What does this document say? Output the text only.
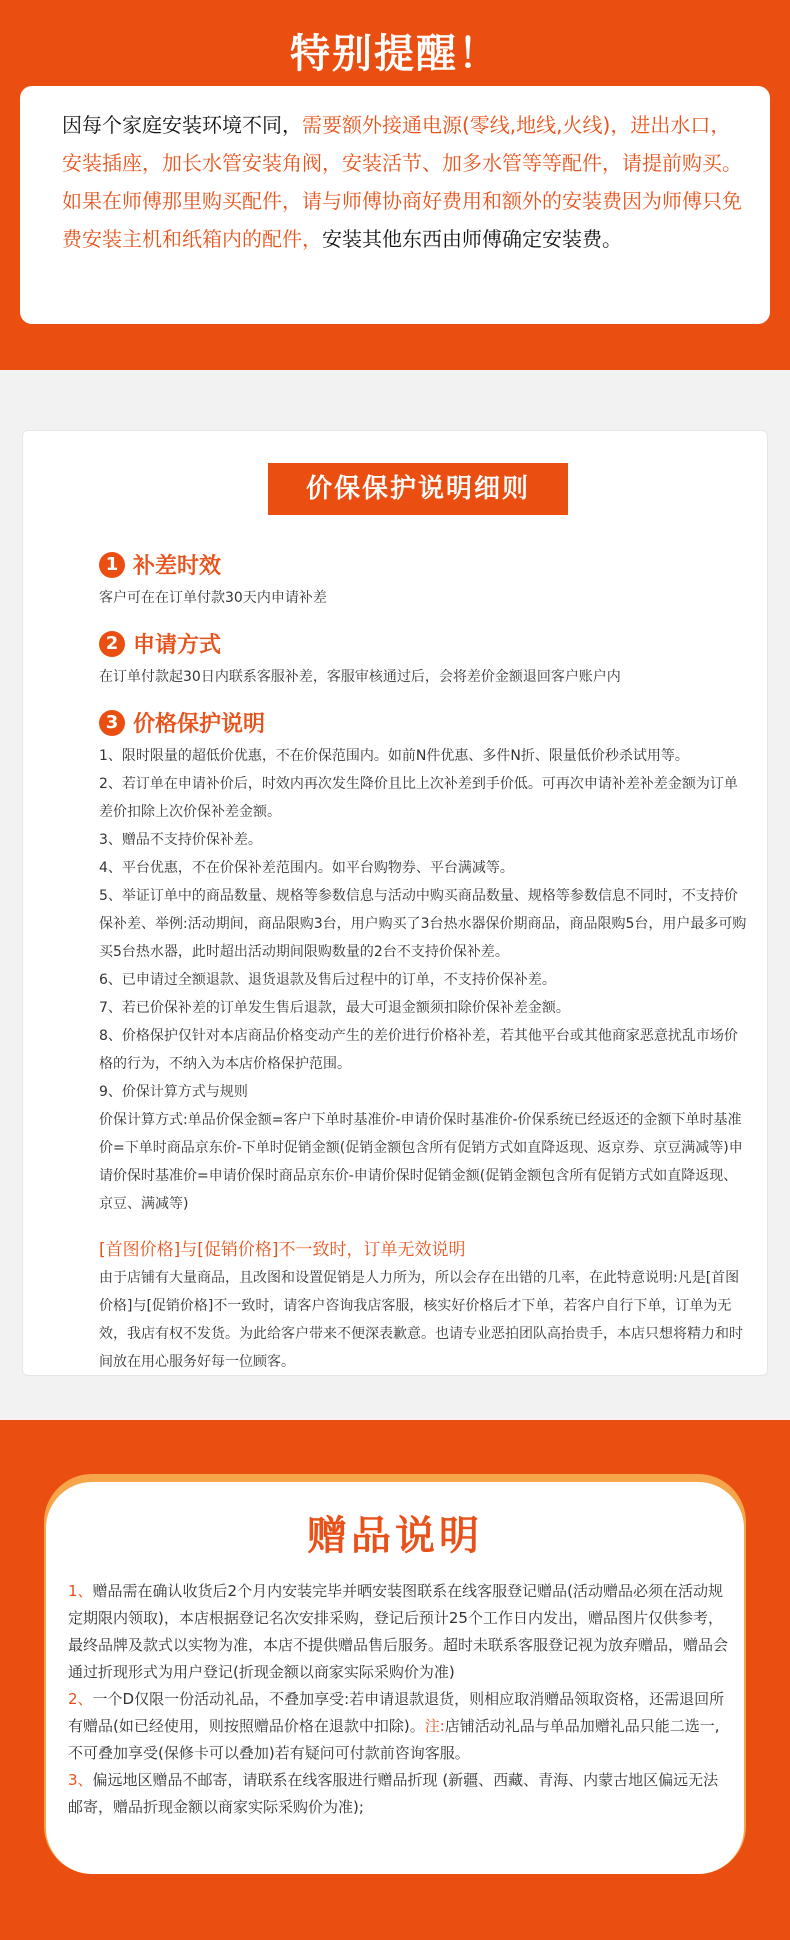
特别提醒！
因每个家庭安装环境不同，需要额外接通电源(零线,地线,火线)，进出水口，安装插座，加长水管安装角阀，安装活节、加多水管等等配件，请提前购买。如果在师傅那里购买配件，请与师傅协商好费用和额外的安装费因为师傅只免费安装主机和纸箱内的配件，安装其他东西由师傅确定安装费。
价保保护说明细则
1 补差时效
客户可在在订单付款30天内申请补差
2 申请方式
在订单付款起30日内联系客服补差，客服审核通过后，会将差价金额退回客户账户内
3 价格保护说明
1、限时限量的超低价优惠，不在价保范围内。如前N件优惠、多件N折、限量低价秒杀试用等。
2、若订单在申请补价后，时效内再次发生降价且比上次补差到手价低。可再次申请补差补差金额为订单差价扣除上次价保补差金额。
3、赠品不支持价保补差。
4、平台优惠，不在价保补差范围内。如平台购物券、平台满减等。
5、举证订单中的商品数量、规格等参数信息与活动中购买商品数量、规格等参数信息不同时，不支持价保补差、举例:活动期间，商品限购3台，用户购买了3台热水器保价期商品，商品限购5台，用户最多可购买5台热水器，此时超出活动期间限购数量的2台不支持价保补差。
6、已申请过全额退款、退货退款及售后过程中的订单，不支持价保补差。
7、若已价保补差的订单发生售后退款，最大可退金额须扣除价保补差金额。
8、价格保护仅针对本店商品价格变动产生的差价进行价格补差，若其他平台或其他商家恶意扰乱市场价格的行为，不纳入为本店价格保护范围。
9、价保计算方式与规则
价保计算方式:单品价保金额=客户下单时基准价-申请价保时基准价-价保系统已经返还的金额下单时基准价=下单时商品京东价-下单时促销金额(促销金额包含所有促销方式如直降返现、返京券、京豆满减等)申请价保时基准价=申请价保时商品京东价-申请价保时促销金额(促销金额包含所有促销方式如直降返现、京豆、满减等)
[首图价格]与[促销价格]不一致时，订单无效说明
由于店铺有大量商品，且改图和设置促销是人力所为，所以会存在出错的几率，在此特意说明:凡是[首图价格]与[促销价格]不一致时，请客户咨询我店客服，核实好价格后才下单，若客户自行下单，订单为无效，我店有权不发货。为此给客户带来不便深表歉意。也请专业恶拍团队高抬贵手，本店只想将精力和时间放在用心服务好每一位顾客。
赠品说明
1、赠品需在确认收货后2个月内安装完毕并晒安装图联系在线客服登记赠品(活动赠品必须在活动规定期限内领取)，本店根据登记名次安排采购，登记后预计25个工作日内发出，赠品图片仅供参考，最终品牌及款式以实物为准，本店不提供赠品售后服务。超时未联系客服登记视为放弃赠品，赠品会通过折现形式为用户登记(折现金额以商家实际采购价为准)
2、一个D仅限一份活动礼品，不叠加享受:若申请退款退货，则相应取消赠品领取资格，还需退回所有赠品(如已经使用，则按照赠品价格在退款中扣除)。注:店铺活动礼品与单品加赠礼品只能二选一,不可叠加享受(保修卡可以叠加)若有疑问可付款前咨询客服。
3、偏远地区赠品不邮寄，请联系在线客服进行赠品折现 (新疆、西藏、青海、内蒙古地区偏远无法邮寄，赠品折现金额以商家实际采购价为准);
